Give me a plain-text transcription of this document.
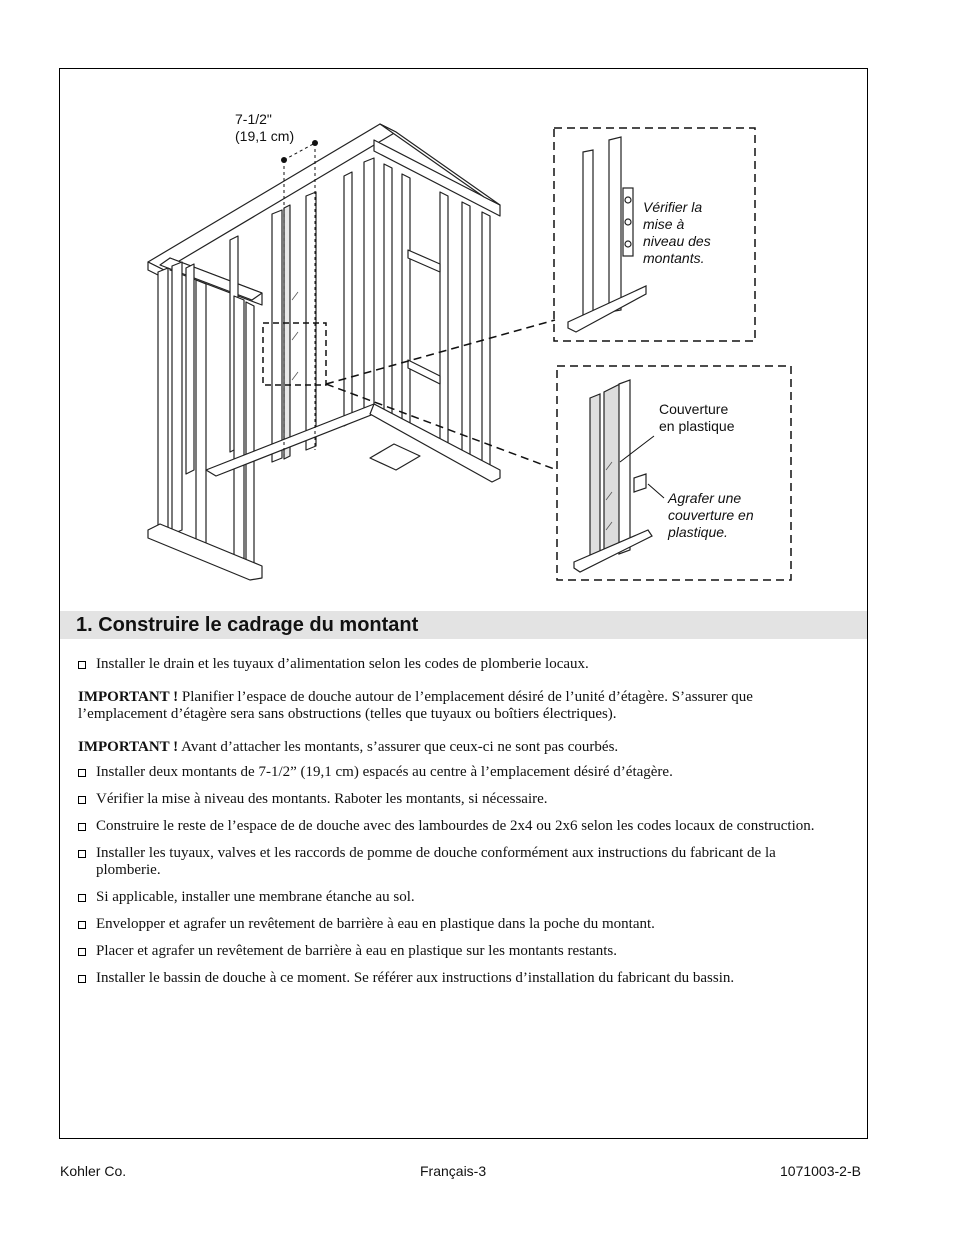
7-1/2"
(19,1 cm)
Vérifier la
mise à
niveau des
montants.
Couverture
en plastique
Agrafer une
couverture en
plastique.
1. Construire le cadrage du montant
Installer le drain et les tuyaux d’alimentation selon les codes de plomberie locaux.

IMPORTANT ! Planifier l’espace de douche autour de l’emplacement désiré de l’unité d’étagère. S’assurer que l’emplacement d’étagère sera sans obstructions (telles que tuyaux ou boîtiers électriques).

IMPORTANT ! Avant d’attacher les montants, s’assurer que ceux-ci ne sont pas courbés.

Installer deux montants de 7-1/2” (19,1 cm) espacés au centre à l’emplacement désiré d’étagère.
Vérifier la mise à niveau des montants. Raboter les montants, si nécessaire.
Construire le reste de l’espace de de douche avec des lambourdes de 2x4 ou 2x6 selon les codes locaux de construction.
Installer les tuyaux, valves et les raccords de pomme de douche conformément aux instructions du fabricant de la plomberie.
Si applicable, installer une membrane étanche au sol.
Envelopper et agrafer un revêtement de barrière à eau en plastique dans la poche du montant.
Placer et agrafer un revêtement de barrière à eau en plastique sur les montants restants.
Installer le bassin de douche à ce moment. Se référer aux instructions d’installation du fabricant du bassin.
Kohler Co.	Français-3	1071003-2-B
